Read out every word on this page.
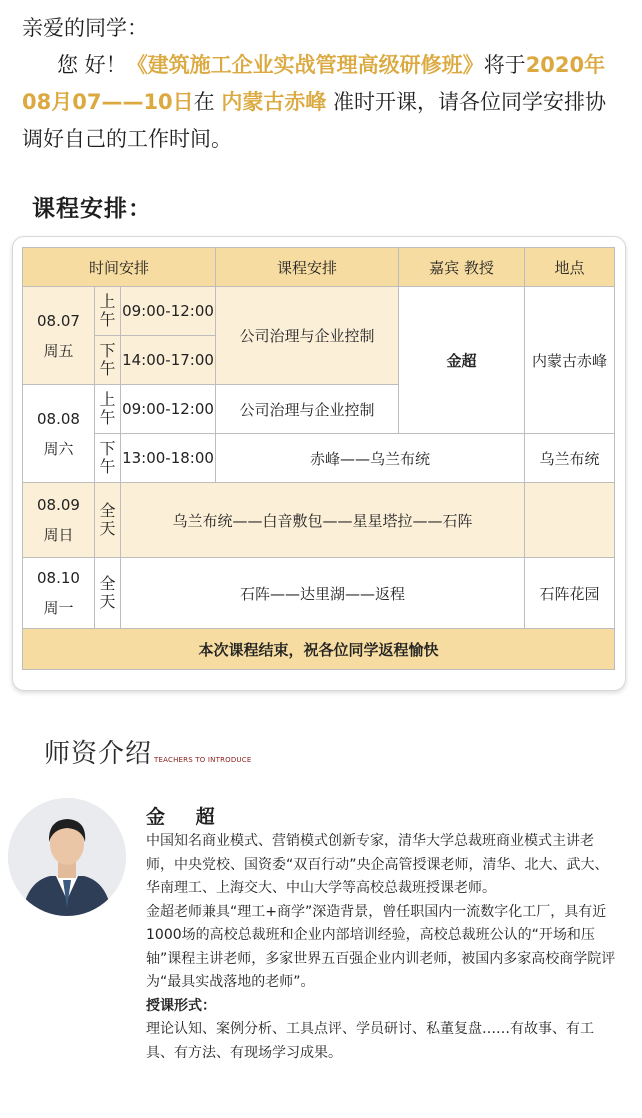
亲爱的同学：

您 好！《建筑施工企业实战管理高级研修班》将于2020年08月07——10日在 内蒙古赤峰 准时开课，请各位同学安排协调好自己的工作时间。

课程安排：
时间安排			课程安排	嘉宾 教授	地点

08.07
周五	上午	09:00-12:00	公司治理与企业控制	金超	内蒙古赤峰
	下午	14:00-17:00			

08.08
周六	上午	09:00-12:00	公司治理与企业控制		
	下午	13:00-18:00	赤峰——乌兰布统		乌兰布统

08.09
周日	全天	乌兰布统——白音敷包——星星塔拉——石阵			

08.10
周一	全天	石阵——达里湖——返程			石阵花园
本次课程结束，祝各位同学返程愉快					
师资介绍 TEACHERS TO INTRODUCE
金 超

中国知名商业模式、营销模式创新专家，清华大学总裁班商业模式主讲老师，中央党校、国资委“双百行动”央企高管授课老师，清华、北大、武大、华南理工、上海交大、中山大学等高校总裁班授课老师。

金超老师兼具“理工+商学”深造背景，曾任职国内一流数字化工厂，具有近1000场的高校总裁班和企业内部培训经验，高校总裁班公认的“开场和压轴”课程主讲老师，多家世界五百强企业内训老师，被国内多家高校商学院评为“最具实战落地的老师”。

授课形式：

理论认知、案例分析、工具点评、学员研讨、私董复盘……有故事、有工具、有方法、有现场学习成果。
